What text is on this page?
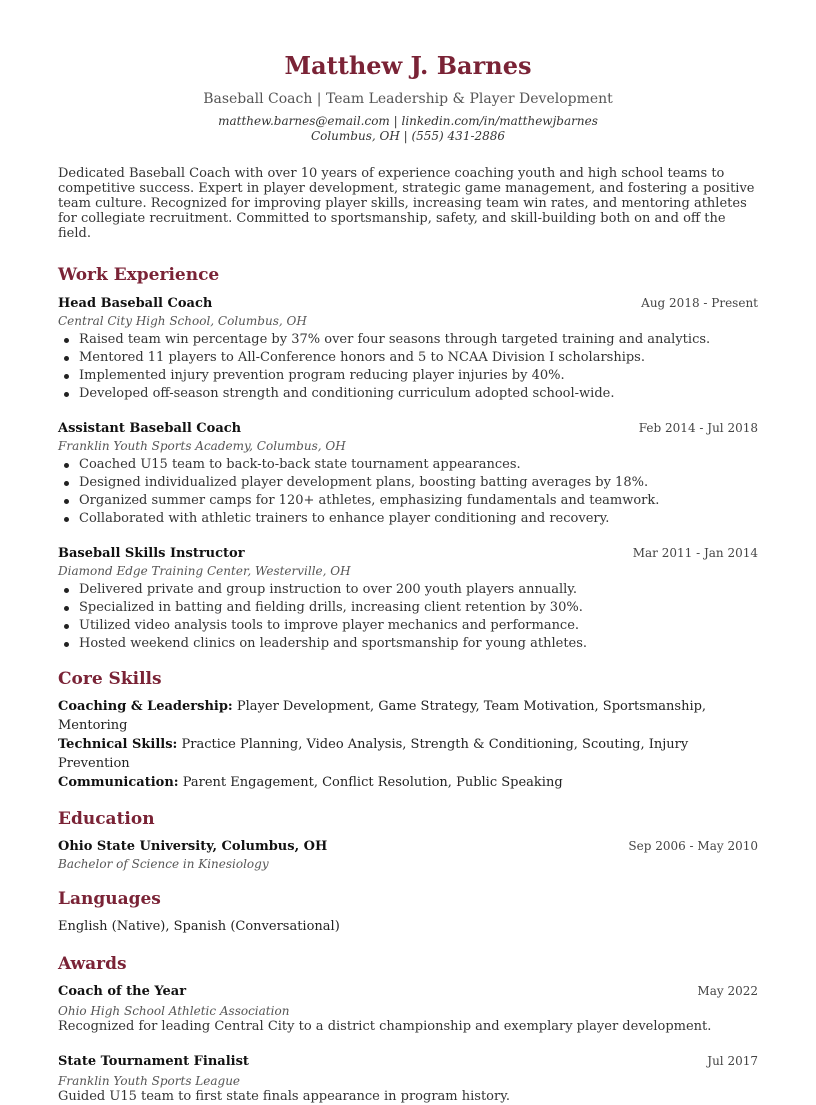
Matthew J. Barnes
Baseball Coach | Team Leadership & Player Development
matthew.barnes@email.com | linkedin.com/in/matthewjbarnes
Columbus, OH | (555) 431-2886
Dedicated Baseball Coach with over 10 years of experience coaching youth and high school teams to competitive success. Expert in player development, strategic game management, and fostering a positive team culture. Recognized for improving player skills, increasing team win rates, and mentoring athletes for collegiate recruitment. Committed to sportsmanship, safety, and skill-building both on and off the field.
Work Experience
Head Baseball Coach	Aug 2018 - Present
Central City High School, Columbus, OH
Raised team win percentage by 37% over four seasons through targeted training and analytics.
Mentored 11 players to All-Conference honors and 5 to NCAA Division I scholarships.
Implemented injury prevention program reducing player injuries by 40%.
Developed off-season strength and conditioning curriculum adopted school-wide.
Assistant Baseball Coach	Feb 2014 - Jul 2018
Franklin Youth Sports Academy, Columbus, OH
Coached U15 team to back-to-back state tournament appearances.
Designed individualized player development plans, boosting batting averages by 18%.
Organized summer camps for 120+ athletes, emphasizing fundamentals and teamwork.
Collaborated with athletic trainers to enhance player conditioning and recovery.
Baseball Skills Instructor	Mar 2011 - Jan 2014
Diamond Edge Training Center, Westerville, OH
Delivered private and group instruction to over 200 youth players annually.
Specialized in batting and fielding drills, increasing client retention by 30%.
Utilized video analysis tools to improve player mechanics and performance.
Hosted weekend clinics on leadership and sportsmanship for young athletes.
Core Skills
Coaching & Leadership: Player Development, Game Strategy, Team Motivation, Sportsmanship, Mentoring
Technical Skills: Practice Planning, Video Analysis, Strength & Conditioning, Scouting, Injury Prevention
Communication: Parent Engagement, Conflict Resolution, Public Speaking
Education
Ohio State University, Columbus, OH	Sep 2006 - May 2010
Bachelor of Science in Kinesiology
Languages
English (Native), Spanish (Conversational)
Awards
Coach of the Year	May 2022
Ohio High School Athletic Association
Recognized for leading Central City to a district championship and exemplary player development.
State Tournament Finalist	Jul 2017
Franklin Youth Sports League
Guided U15 team to first state finals appearance in program history.
